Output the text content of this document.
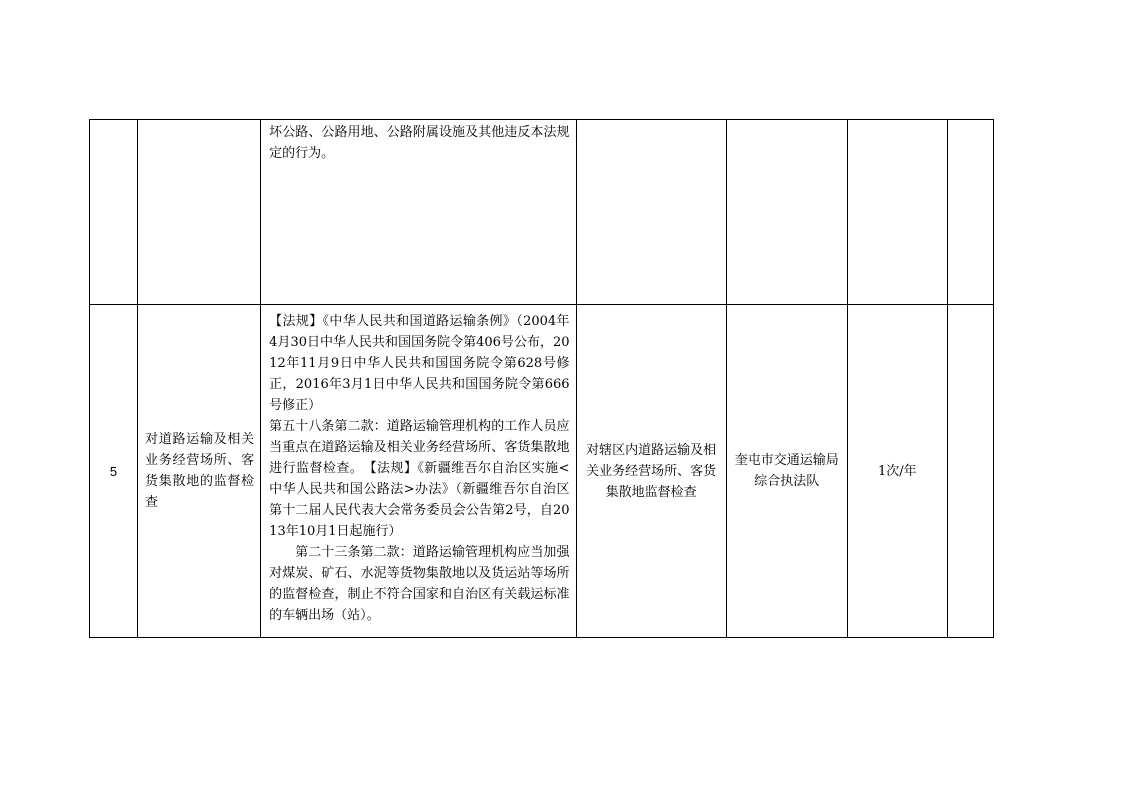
		坏公路、公路用地、公路附属设施及其他违反本法规定的行为。				

5	对道路运输及相关业务经营场所、客货集散地的监督检查	【法规】《中华人民共和国道路运输条例》（2004年4月30日中华人民共和国国务院令第406号公布，2012年11月9日中华人民共和国国务院令第628号修正，2016年3月1日中华人民共和国国务院令第666号修正）

第五十八条第二款：道路运输管理机构的工作人员应当重点在道路运输及相关业务经营场所、客货集散地进行监督检查。　【法规】《新疆维吾尔自治区实施<中华人民共和国公路法>办法》（新疆维吾尔自治区第十二届人民代表大会常务委员会公告第2号，自2013年10月1日起施行）

第二十三条第二款：道路运输管理机构应当加强对煤炭、矿石、水泥等货物集散地以及货运站等场所的监督检查，制止不符合国家和自治区有关载运标准的车辆出场（站）。	对辖区内道路运输及相关业务经营场所、客货集散地监督检查	奎屯市交通运输局综合执法队	1次/年	
